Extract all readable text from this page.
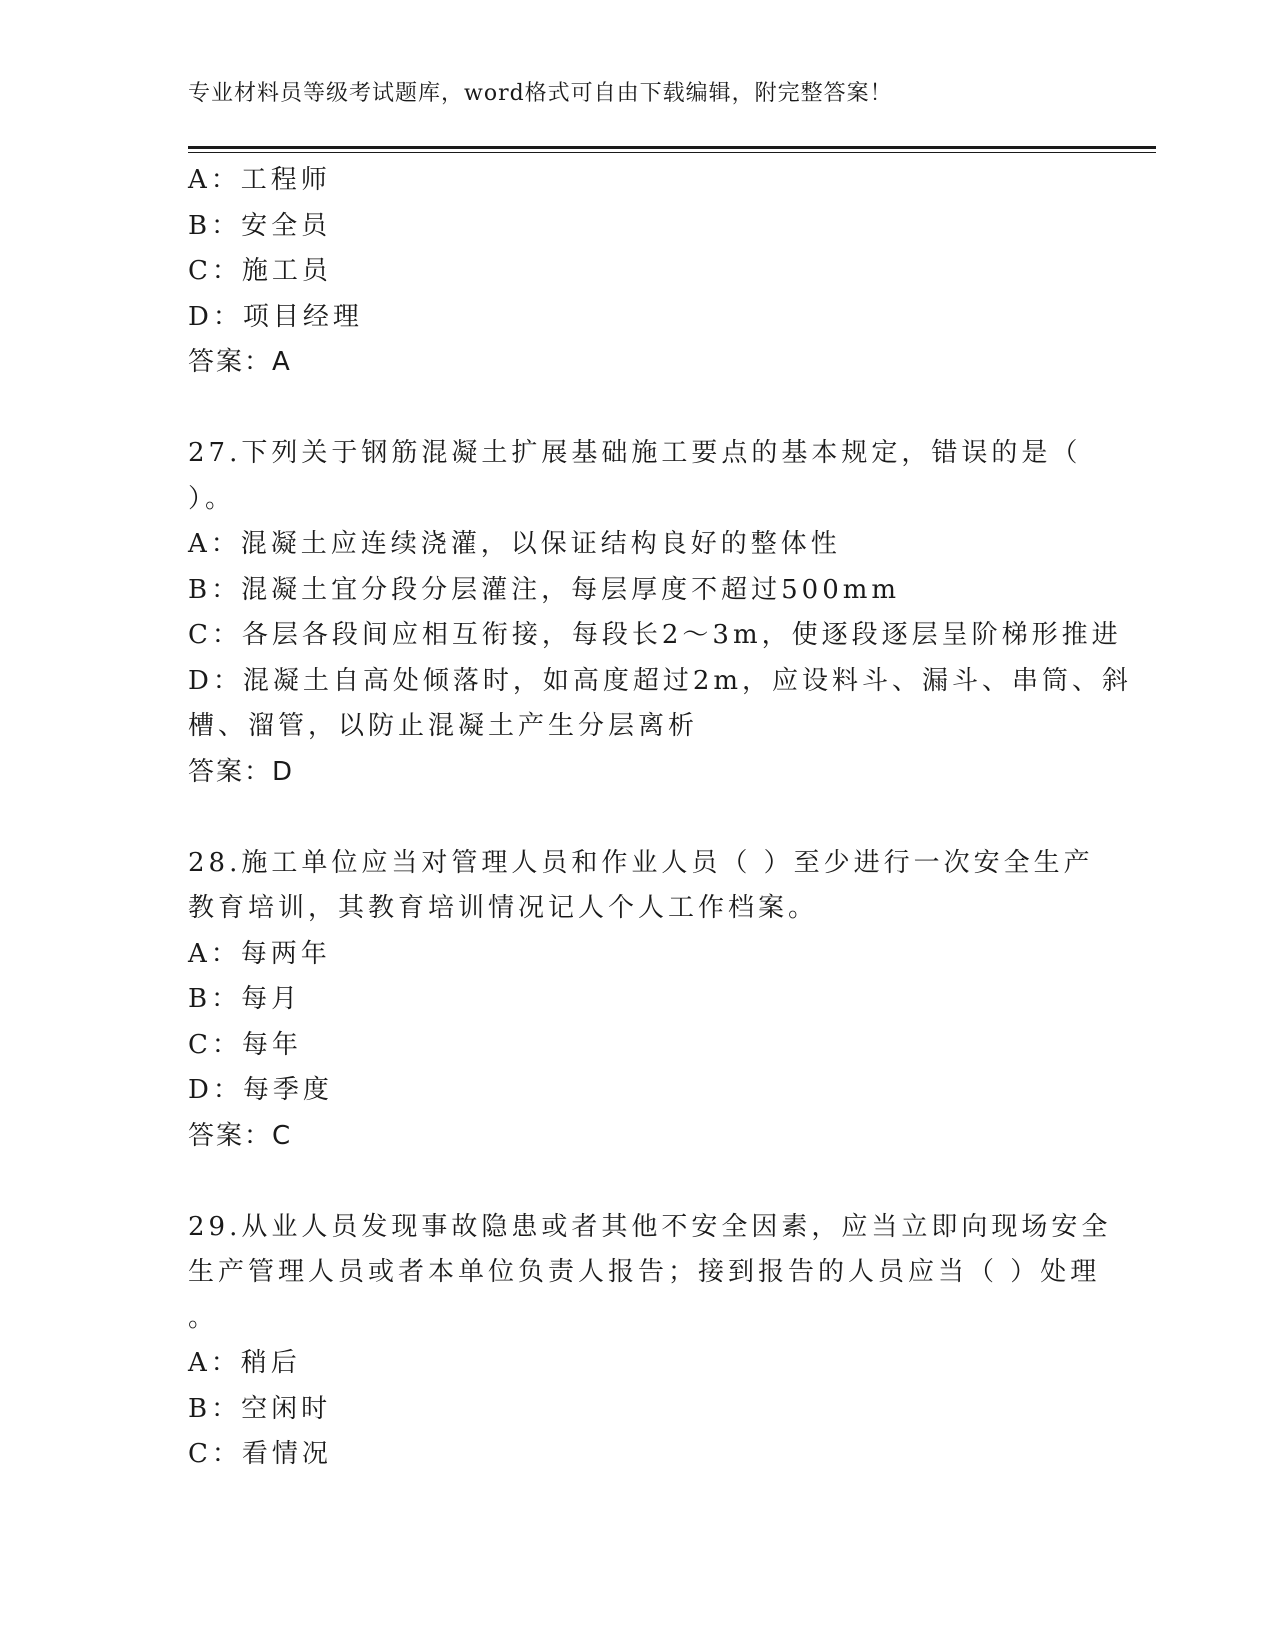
专业材料员等级考试题库，word格式可自由下载编辑，附完整答案！
A：工程师
B：安全员
C：施工员
D：项目经理
答案：A
27.下列关于钢筋混凝土扩展基础施工要点的基本规定，错误的是（
）。
A：混凝土应连续浇灌，以保证结构良好的整体性
B：混凝土宜分段分层灌注，每层厚度不超过500mm
C：各层各段间应相互衔接，每段长2～3m，使逐段逐层呈阶梯形推进
D：混凝土自高处倾落时，如高度超过2m，应设料斗、漏斗、串筒、斜
槽、溜管，以防止混凝土产生分层离析
答案：D
28.施工单位应当对管理人员和作业人员（ ）至少进行一次安全生产
教育培训，其教育培训情况记人个人工作档案。
A：每两年
B：每月
C：每年
D：每季度
答案：C
29.从业人员发现事故隐患或者其他不安全因素，应当立即向现场安全
生产管理人员或者本单位负责人报告；接到报告的人员应当（ ）处理
。
A：稍后
B：空闲时
C：看情况
